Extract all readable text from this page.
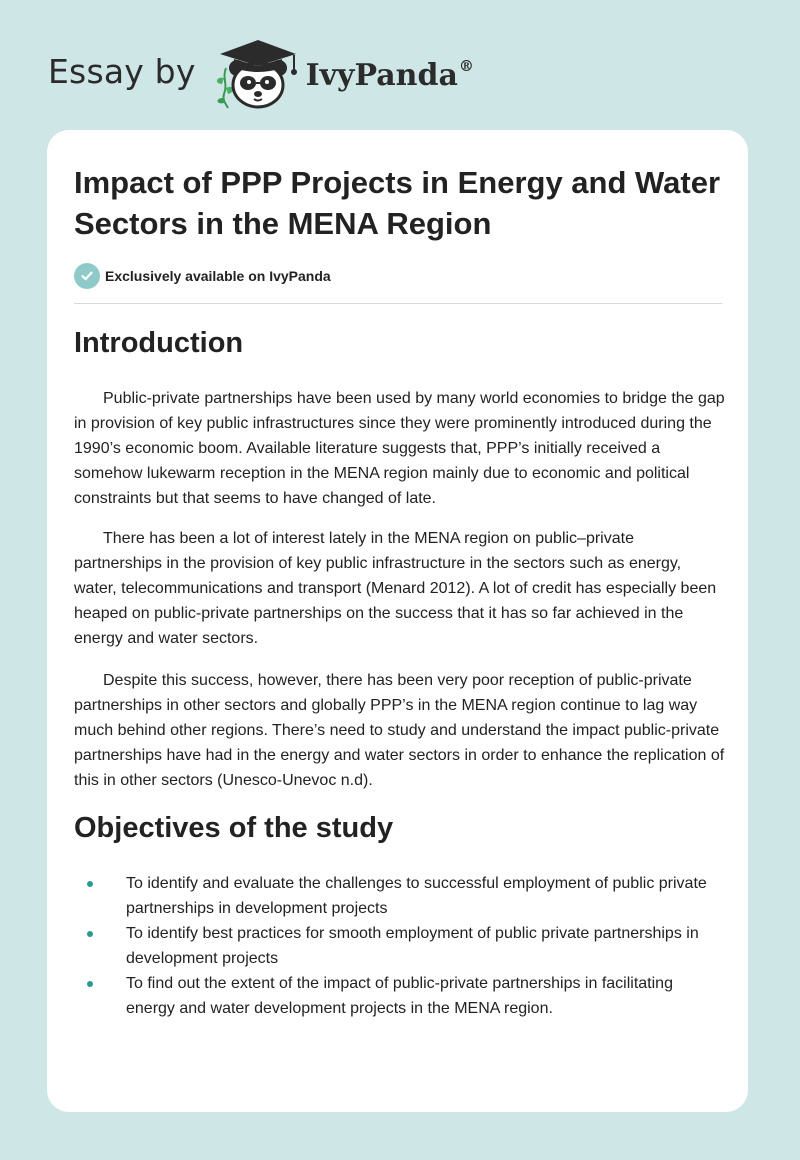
Essay by	IvyPanda®
Impact of PPP Projects in Energy and Water Sectors in the MENA Region
Exclusively available on IvyPanda
Introduction

Public-private partnerships have been used by many world economies to bridge the gap in provision of key public infrastructures since they were prominently introduced during the 1990’s economic boom. Available literature suggests that, PPP’s initially received a somehow lukewarm reception in the MENA region mainly due to economic and political constraints but that seems to have changed of late.

There has been a lot of interest lately in the MENA region on public–private partnerships in the provision of key public infrastructure in the sectors such as energy, water, telecommunications and transport (Menard 2012). A lot of credit has especially been heaped on public-private partnerships on the success that it has so far achieved in the energy and water sectors.

Despite this success, however, there has been very poor reception of public-private partnerships in other sectors and globally PPP’s in the MENA region continue to lag way much behind other regions. There’s need to study and understand the impact public-private partnerships have had in the energy and water sectors in order to enhance the replication of this in other sectors (Unesco-Unevoc n.d).

Objectives of the study
To identify and evaluate the challenges to successful employment of public private partnerships in development projects
To identify best practices for smooth employment of public private partnerships in development projects
To find out the extent of the impact of public-private partnerships in facilitating energy and water development projects in the MENA region.
